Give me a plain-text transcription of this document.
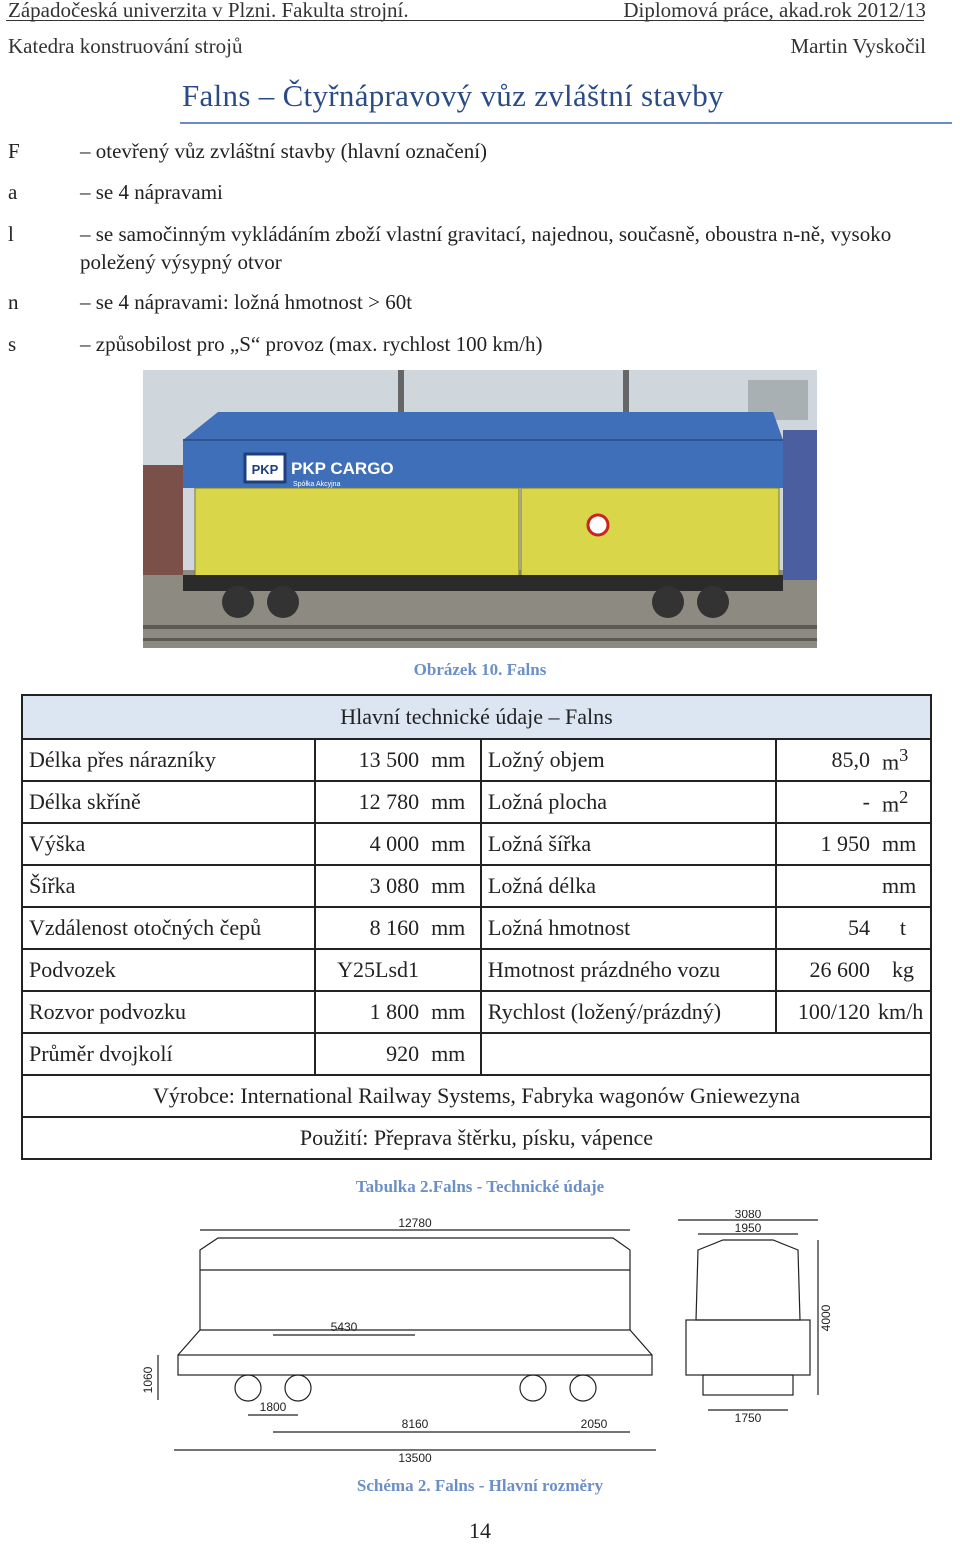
Západočeská univerzita v Plzni. Fakulta strojní.	Diplomová práce, akad.rok 2012/13
Katedra konstruování strojů	Martin Vyskočil
Falns – Čtyřnápravový vůz zvláštní stavby
F	– otevřený vůz zvláštní stavby (hlavní označení)
a	– se 4 nápravami
l	– se samočinným vykládáním zboží vlastní gravitací, najednou, současně, oboustra n-ně, vysoko poležený výsypný otvor
n	– se 4 nápravami: ložná hmotnost > 60t
s	– způsobilost pro „S“ provoz (max. rychlost 100 km/h)
PKP PKP CARGO
Spółka Akcyjna
Obrázek 10. Falns
Hlavní technické údaje – Falns					
Délka přes nárazníky	13 500	mm	Ložný objem	85,0	$m^3$
Délka skříně	12 780	mm	Ložná plocha	-	$m^2$
Výška	4 000	mm	Ložná šířka	1 950	mm
Šířka	3 080	mm	Ložná délka		mm
Vzdálenost otočných čepů	8 160	mm	Ložná hmotnost	54	t
Podvozek	Y25Lsd1		Hmotnost prázdného vozu	26 600	kg
Rozvor podvozku	1 800	mm	Rychlost (ložený/prázdný)	100/120	km/h
Průměr dvojkolí	920	mm			
Výrobce: International Railway Systems, Fabryka wagonów Gniewezyna					
Použití: Přeprava štěrku, písku, vápence					
Tabulka 2.Falns - Technické údaje
12780
5430
1060
1800
8160	2050
13500
3080
1950
4000
1750
Schéma 2. Falns - Hlavní rozměry
14
